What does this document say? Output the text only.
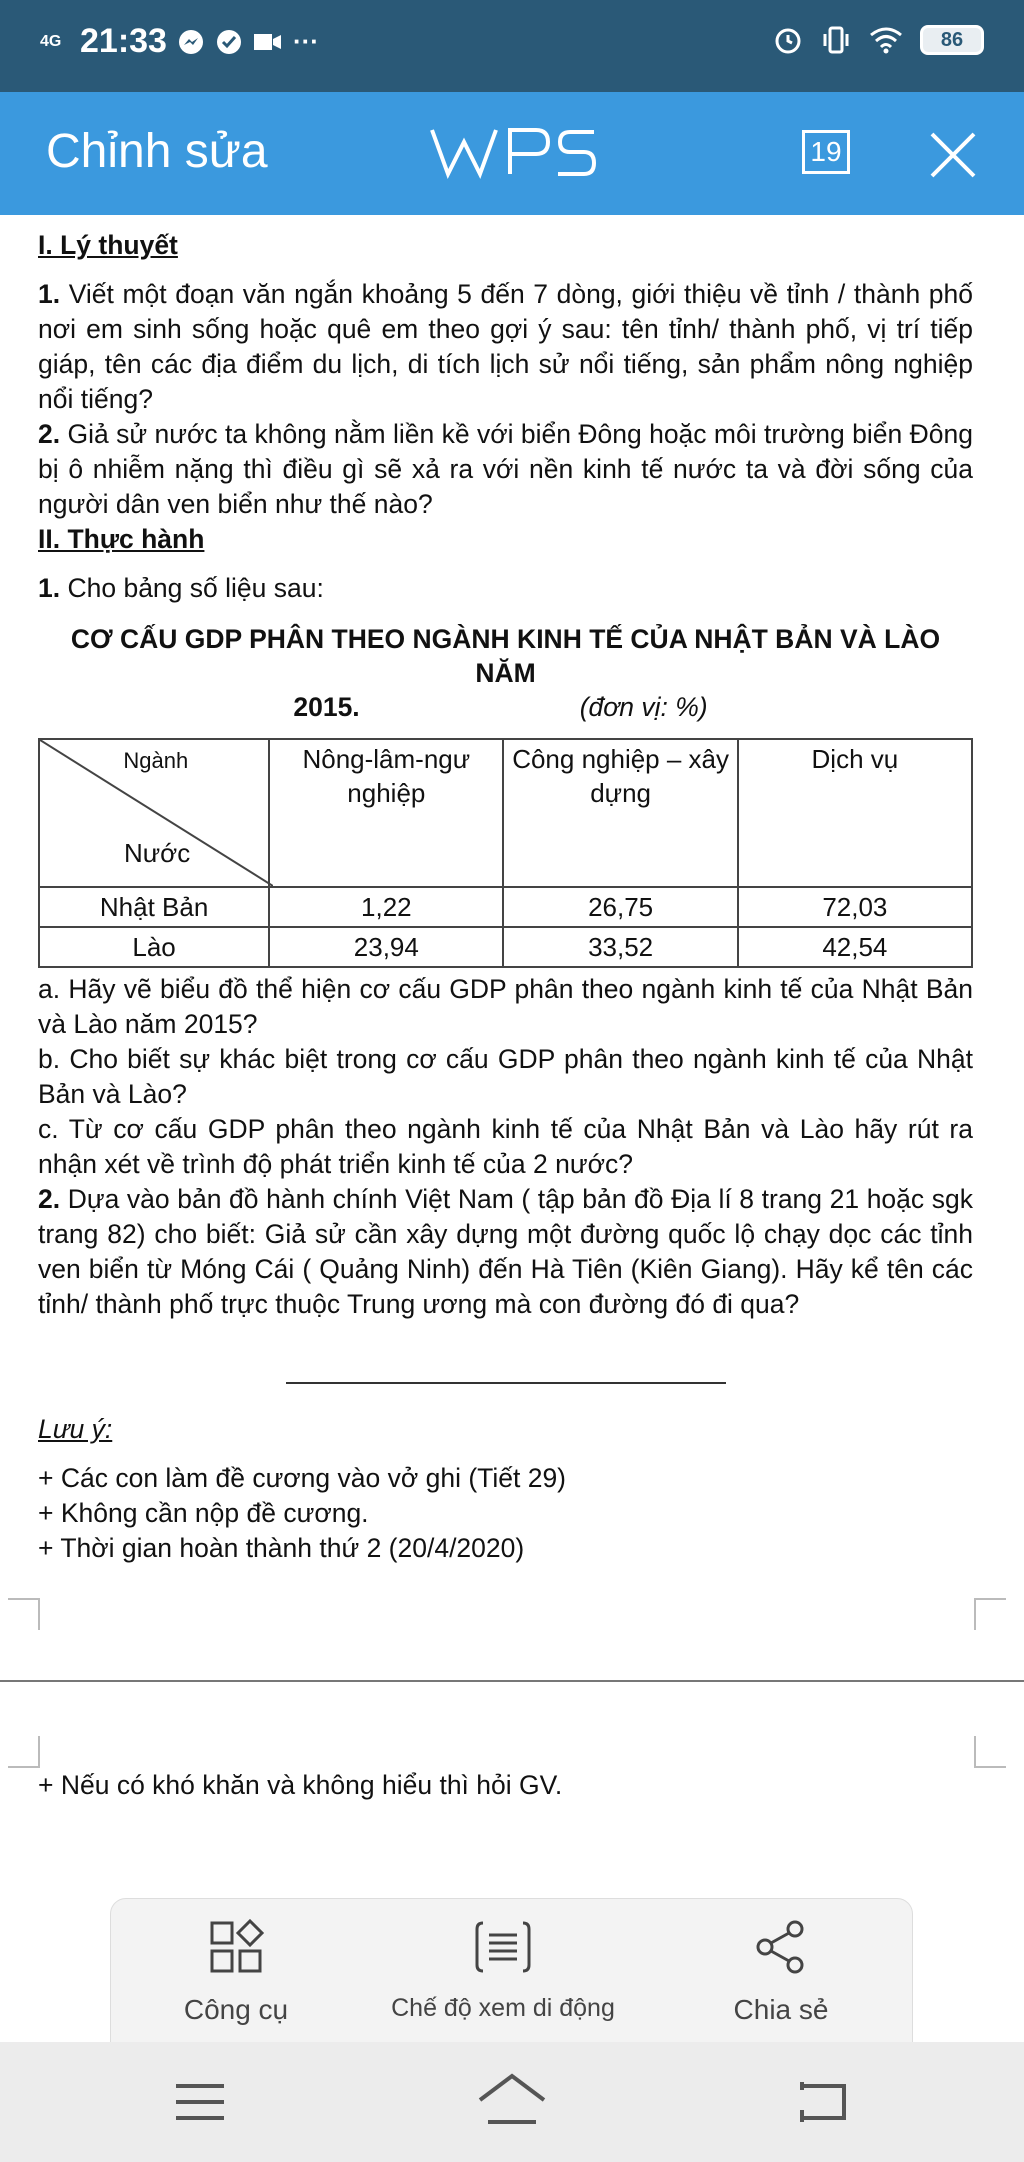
4G 21:33	···	86
Chỉnh sửa	19

I. Lý thuyết

1. Viết một đoạn văn ngắn khoảng 5 đến 7 dòng, giới thiệu về tỉnh / thành phố nơi em sinh sống hoặc quê em theo gợi ý sau: tên tỉnh/ thành phố, vị trí tiếp giáp, tên các địa điểm du lịch, di tích lịch sử nổi tiếng, sản phẩm nông nghiệp nổi tiếng?

2. Giả sử nước ta không nằm liền kề với biển Đông hoặc môi trường biển Đông bị ô nhiễm nặng thì điều gì sẽ xả ra với nền kinh tế nước ta và đời sống của người dân ven biển như thế nào?

II. Thực hành

1. Cho bảng số liệu sau:

CƠ CẤU GDP PHÂN THEO NGÀNH KINH TẾ CỦA NHẬT BẢN VÀ LÀO NĂM
2015.	(đơn vị: %)
Ngành
Nước	Nông-lâm-ngư nghiệp	Công nghiệp – xây dựng	Dịch vụ
Nhật Bản	1,22	26,75	72,03
Lào	23,94	33,52	42,54

a. Hãy vẽ biểu đồ thể hiện cơ cấu GDP phân theo ngành kinh tế của Nhật Bản và Lào năm 2015?

b. Cho biết sự khác biệt trong cơ cấu GDP phân theo ngành kinh tế của Nhật Bản và Lào?

c. Từ cơ cấu GDP phân theo ngành kinh tế của Nhật Bản và Lào hãy rút ra nhận xét về trình độ phát triển kinh tế của 2 nước?

2. Dựa vào bản đồ hành chính Việt Nam ( tập bản đồ Địa lí 8 trang 21 hoặc sgk trang 82) cho biết: Giả sử cần xây dựng một đường quốc lộ chạy dọc các tỉnh ven biển từ Móng Cái ( Quảng Ninh) đến Hà Tiên (Kiên Giang). Hãy kể tên các tỉnh/ thành phố trực thuộc Trung ương mà con đường đó đi qua?

Lưu ý:

+ Các con làm đề cương vào vở ghi (Tiết 29)

+ Không cần nộp đề cương.

+ Thời gian hoàn thành thứ 2 (20/4/2020)

+ Nếu có khó khăn và không hiểu thì hỏi GV.
Công cụ	Chế độ xem di động	Chia sẻ
